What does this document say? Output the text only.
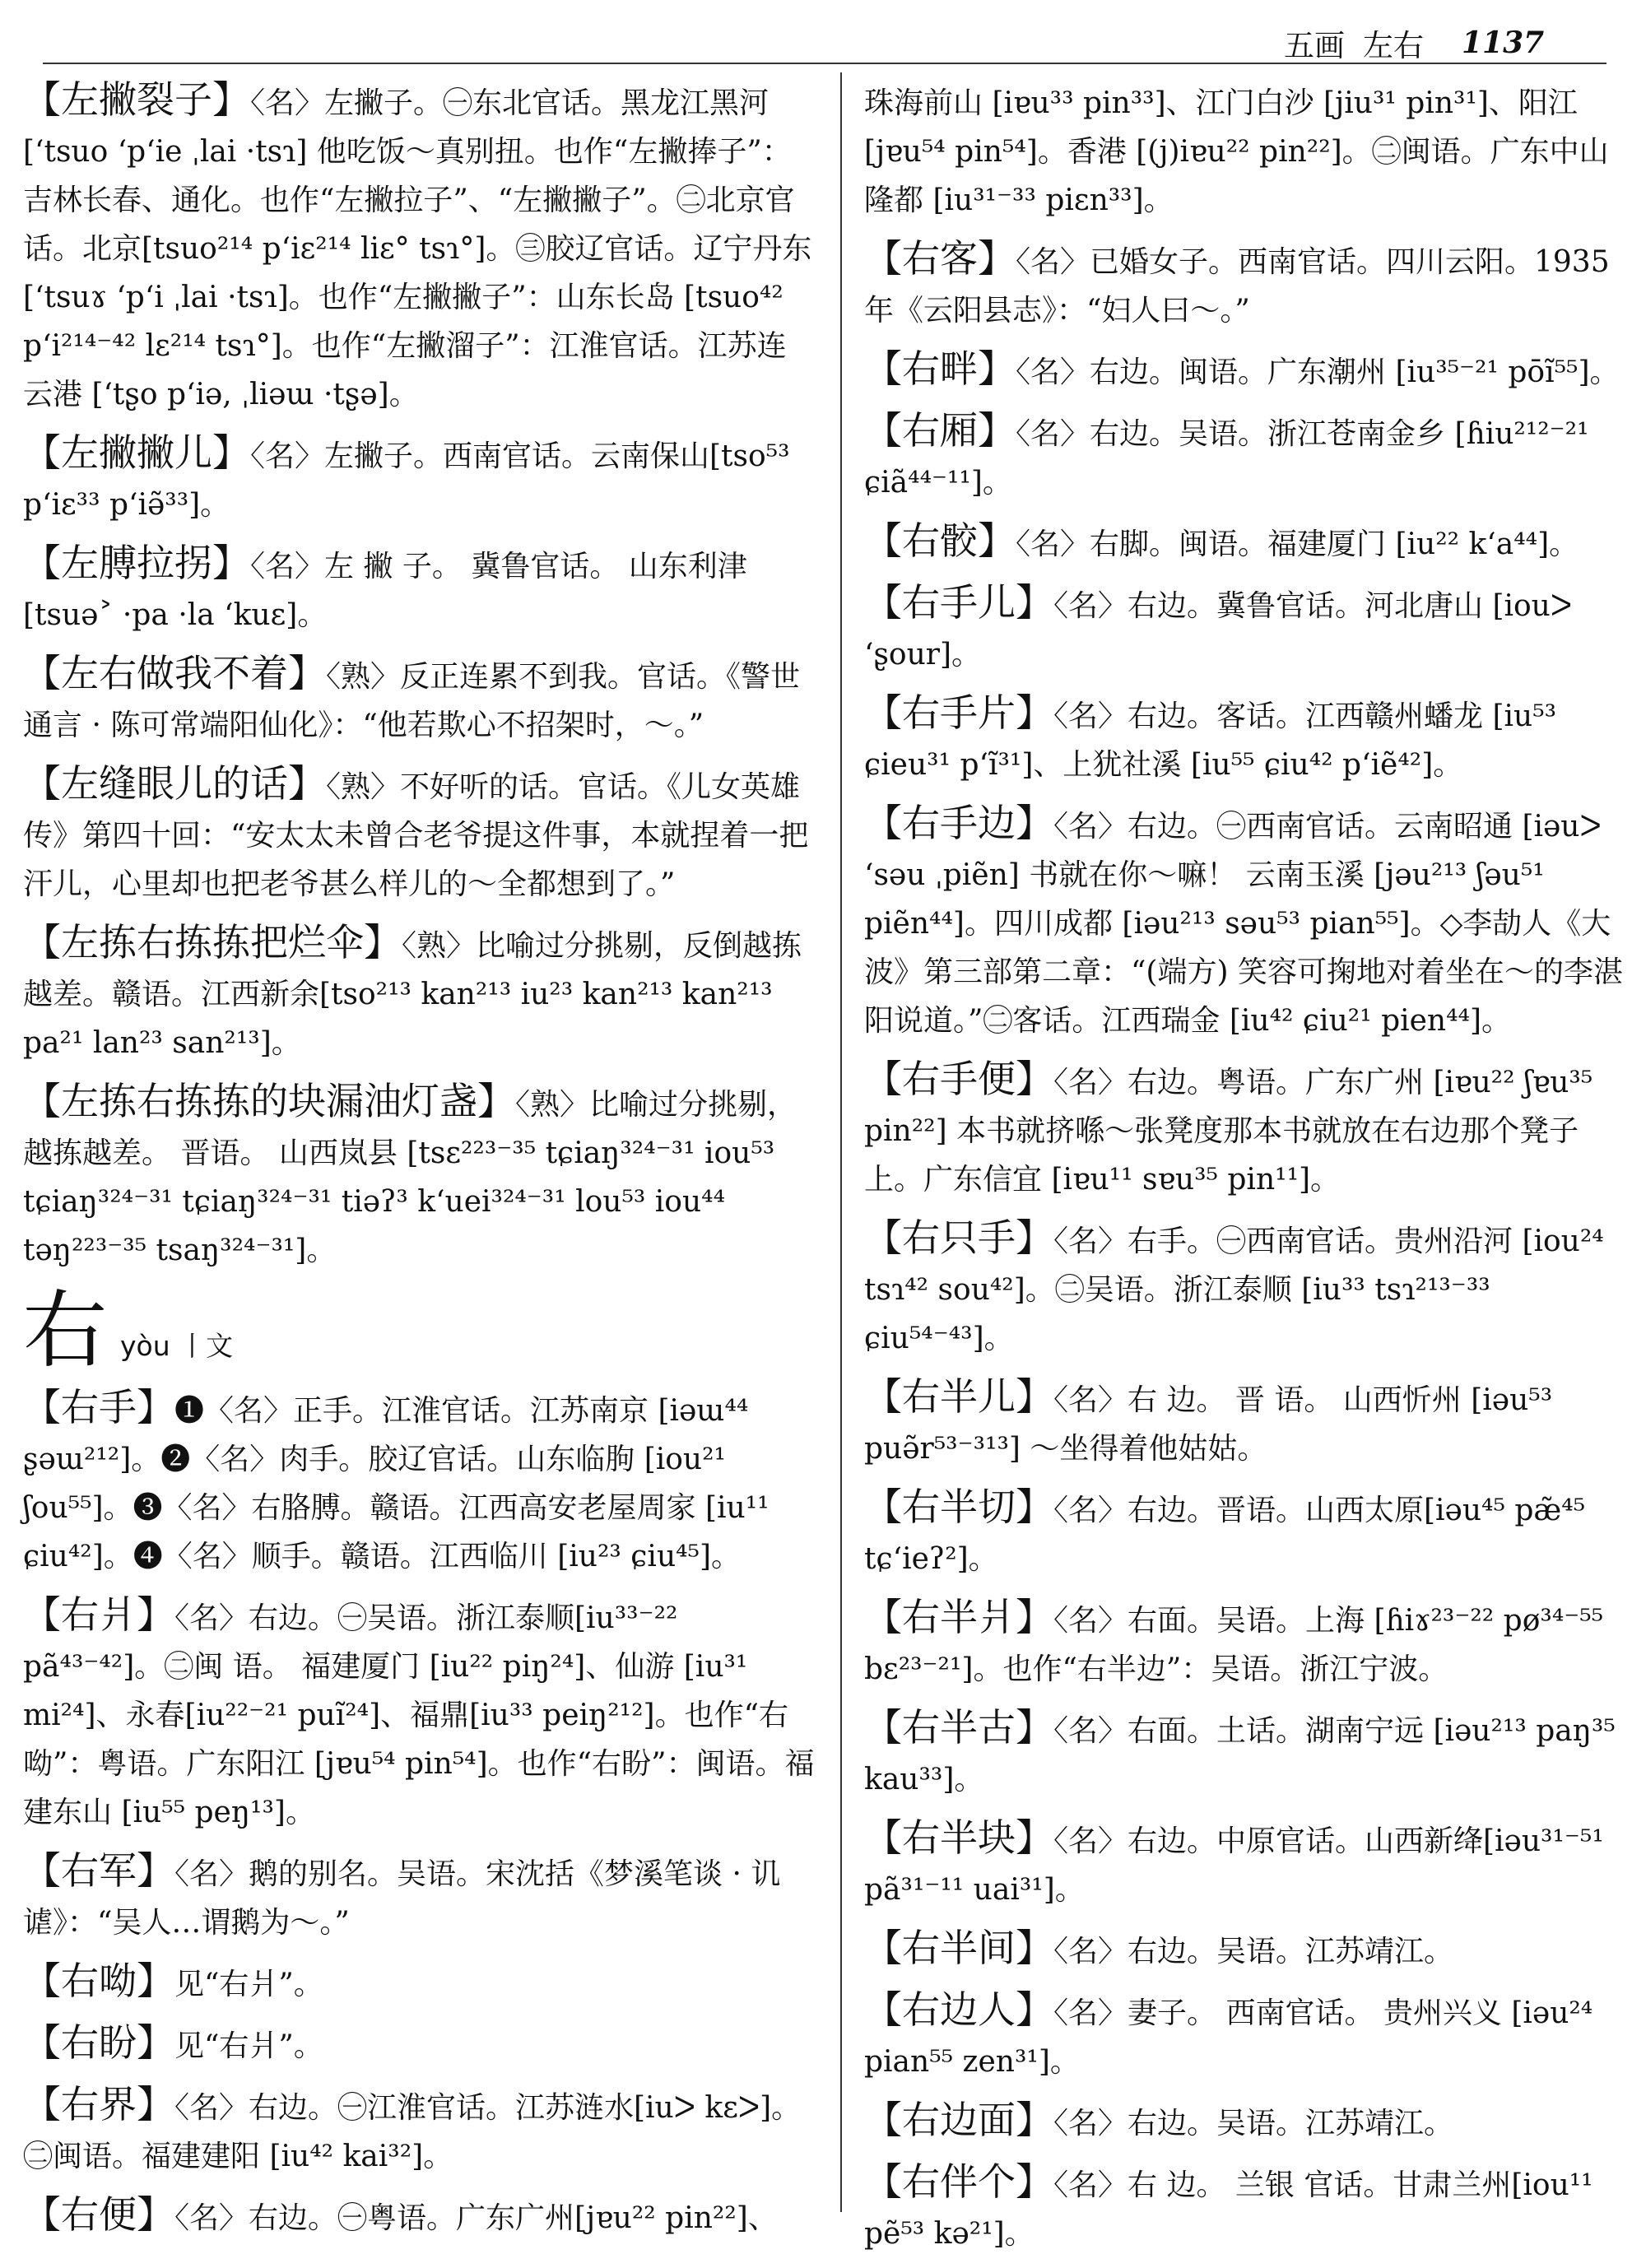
五画 左右 1137
【左撇裂子】〈名〉左撇子。㊀东北官话。黑龙江黑河 [ʻtsuo ʻpʻie ˌlai ·tsɿ] 他吃饭～真别扭。也作“左撇捧子”：吉林长春、通化。也作“左撇拉子”、“左撇撇子”。㊁北京官话。北京[tsuo²¹⁴ pʻiɛ²¹⁴ liɛ° tsɿ°]。㊂胶辽官话。辽宁丹东 [ʻtsuɤ ʻpʻi ˌlai ·tsɿ]。也作“左撇撇子”：山东长岛 [tsuo⁴² pʻi²¹⁴⁻⁴² lɛ²¹⁴ tsɿ°]。也作“左撇溜子”：江淮官话。江苏连云港 [ʻtʂo pʻiə, ˌliəɯ ·tʂə]。
【左撇撇儿】〈名〉左撇子。西南官话。云南保山[tso⁵³ pʻiɛ³³ pʻiə̃³³]。
【左膊拉拐】〈名〉左 撇 子。 冀鲁官话。 山东利津 [tsuə˃ ·pa ·la ʻkuɛ]。
【左右做我不着】〈熟〉反正连累不到我。官话。《警世通言 · 陈可常端阳仙化》：“他若欺心不招架时，～。”
【左缝眼儿的话】〈熟〉不好听的话。官话。《儿女英雄传》第四十回：“安太太未曾合老爷提这件事，本就捏着一把汗儿，心里却也把老爷甚么样儿的～全都想到了。”
【左拣右拣拣把烂伞】〈熟〉比喻过分挑剔，反倒越拣越差。赣语。江西新余[tso²¹³ kan²¹³ iu²³ kan²¹³ kan²¹³ pa²¹ lan²³ san²¹³]。
【左拣右拣拣的块漏油灯盏】〈熟〉比喻过分挑剔，越拣越差。 晋语。 山西岚县 [tsɛ²²³⁻³⁵ tɕiaŋ³²⁴⁻³¹ iou⁵³ tɕiaŋ³²⁴⁻³¹ tɕiaŋ³²⁴⁻³¹ tiəʔ³ kʻuei³²⁴⁻³¹ lou⁵³ iou⁴⁴ təŋ²²³⁻³⁵ tsaŋ³²⁴⁻³¹]。
右 yòu 丨文
【右手】❶〈名〉正手。江淮官话。江苏南京 [iəɯ⁴⁴ ʂəɯ²¹²]。❷〈名〉肉手。胶辽官话。山东临朐 [iou²¹ ʃou⁵⁵]。❸〈名〉右胳膊。赣语。江西高安老屋周家 [iu¹¹ ɕiu⁴²]。❹〈名〉顺手。赣语。江西临川 [iu²³ ɕiu⁴⁵]。
【右爿】〈名〉右边。㊀吴语。浙江泰顺[iu³³⁻²² pã⁴³⁻⁴²]。㊁闽 语。 福建厦门 [iu²² piŋ²⁴]、仙游 [iu³¹ mi²⁴]、永春[iu²²⁻²¹ puĩ²⁴]、福鼎[iu³³ peiŋ²¹²]。也作“右呦”：粤语。广东阳江 [jɐu⁵⁴ pin⁵⁴]。也作“右盼”：闽语。福建东山 [iu⁵⁵ peŋ¹³]。
【右军】〈名〉鹅的别名。吴语。宋沈括《梦溪笔谈 · 讥谑》：“吴人…谓鹅为～。”
【右呦】见“右爿”。
【右盼】见“右爿”。
【右界】〈名〉右边。㊀江淮官话。江苏涟水[iuᐳ kɛᐳ]。㊁闽语。福建建阳 [iu⁴² kai³²]。
【右便】〈名〉右边。㊀粤语。广东广州[jɐu²² pin²²]、
珠海前山 [iɐu³³ pin³³]、江门白沙 [jiu³¹ pin³¹]、阳江 [jɐu⁵⁴ pin⁵⁴]。香港 [(j)iɐu²² pin²²]。㊁闽语。广东中山隆都 [iu³¹⁻³³ piɛn³³]。
【右客】〈名〉已婚女子。西南官话。四川云阳。1935年《云阳县志》：“妇人曰～。”
【右畔】〈名〉右边。闽语。广东潮州 [iu³⁵⁻²¹ pōĩ⁵⁵]。
【右厢】〈名〉右边。吴语。浙江苍南金乡 [ɦiu²¹²⁻²¹ ɕiã⁴⁴⁻¹¹]。
【右骹】〈名〉右脚。闽语。福建厦门 [iu²² kʻa⁴⁴]。
【右手儿】〈名〉右边。冀鲁官话。河北唐山 [iouᐳ ʻʂour]。
【右手片】〈名〉右边。客话。江西赣州蟠龙 [iu⁵³ ɕieu³¹ pʻĩ³¹]、上犹社溪 [iu⁵⁵ ɕiu⁴² pʻiẽ⁴²]。
【右手边】〈名〉右边。㊀西南官话。云南昭通 [iəuᐳ ʻsəu ˌpiẽn] 书就在你～嘛！ 云南玉溪 [jəu²¹³ ʃəu⁵¹ piẽn⁴⁴]。四川成都 [iəu²¹³ səu⁵³ pian⁵⁵]。◇李劼人《大波》第三部第二章：“(端方) 笑容可掬地对着坐在～的李湛阳说道。”㊁客话。江西瑞金 [iu⁴² ɕiu²¹ pien⁴⁴]。
【右手便】〈名〉右边。粤语。广东广州 [iɐu²² ʃɐu³⁵ pin²²] 本书就挤喺～张凳度那本书就放在右边那个凳子上。广东信宜 [iɐu¹¹ sɐu³⁵ pin¹¹]。
【右只手】〈名〉右手。㊀西南官话。贵州沿河 [iou²⁴ tsɿ⁴² sou⁴²]。㊁吴语。浙江泰顺 [iu³³ tsɿ²¹³⁻³³ ɕiu⁵⁴⁻⁴³]。
【右半儿】〈名〉右 边。 晋 语。 山西忻州 [iəu⁵³ puə̃r⁵³⁻³¹³] ～坐得着他姑姑。
【右半切】〈名〉右边。晋语。山西太原[iəu⁴⁵ pæ̃⁴⁵ tɕʻieʔ²]。
【右半爿】〈名〉右面。吴语。上海 [ɦiɤ²³⁻²² pø³⁴⁻⁵⁵ bɛ²³⁻²¹]。也作“右半边”：吴语。浙江宁波。
【右半古】〈名〉右面。土话。湖南宁远 [iəu²¹³ paŋ³⁵ kau³³]。
【右半块】〈名〉右边。中原官话。山西新绛[iəu³¹⁻⁵¹ pã³¹⁻¹¹ uai³¹]。
【右半间】〈名〉右边。吴语。江苏靖江。
【右边人】〈名〉妻子。 西南官话。 贵州兴义 [iəu²⁴ pian⁵⁵ zen³¹]。
【右边面】〈名〉右边。吴语。江苏靖江。
【右伴个】〈名〉右 边。 兰银 官话。甘肃兰州[iou¹¹ pẽ⁵³ kə²¹]。
